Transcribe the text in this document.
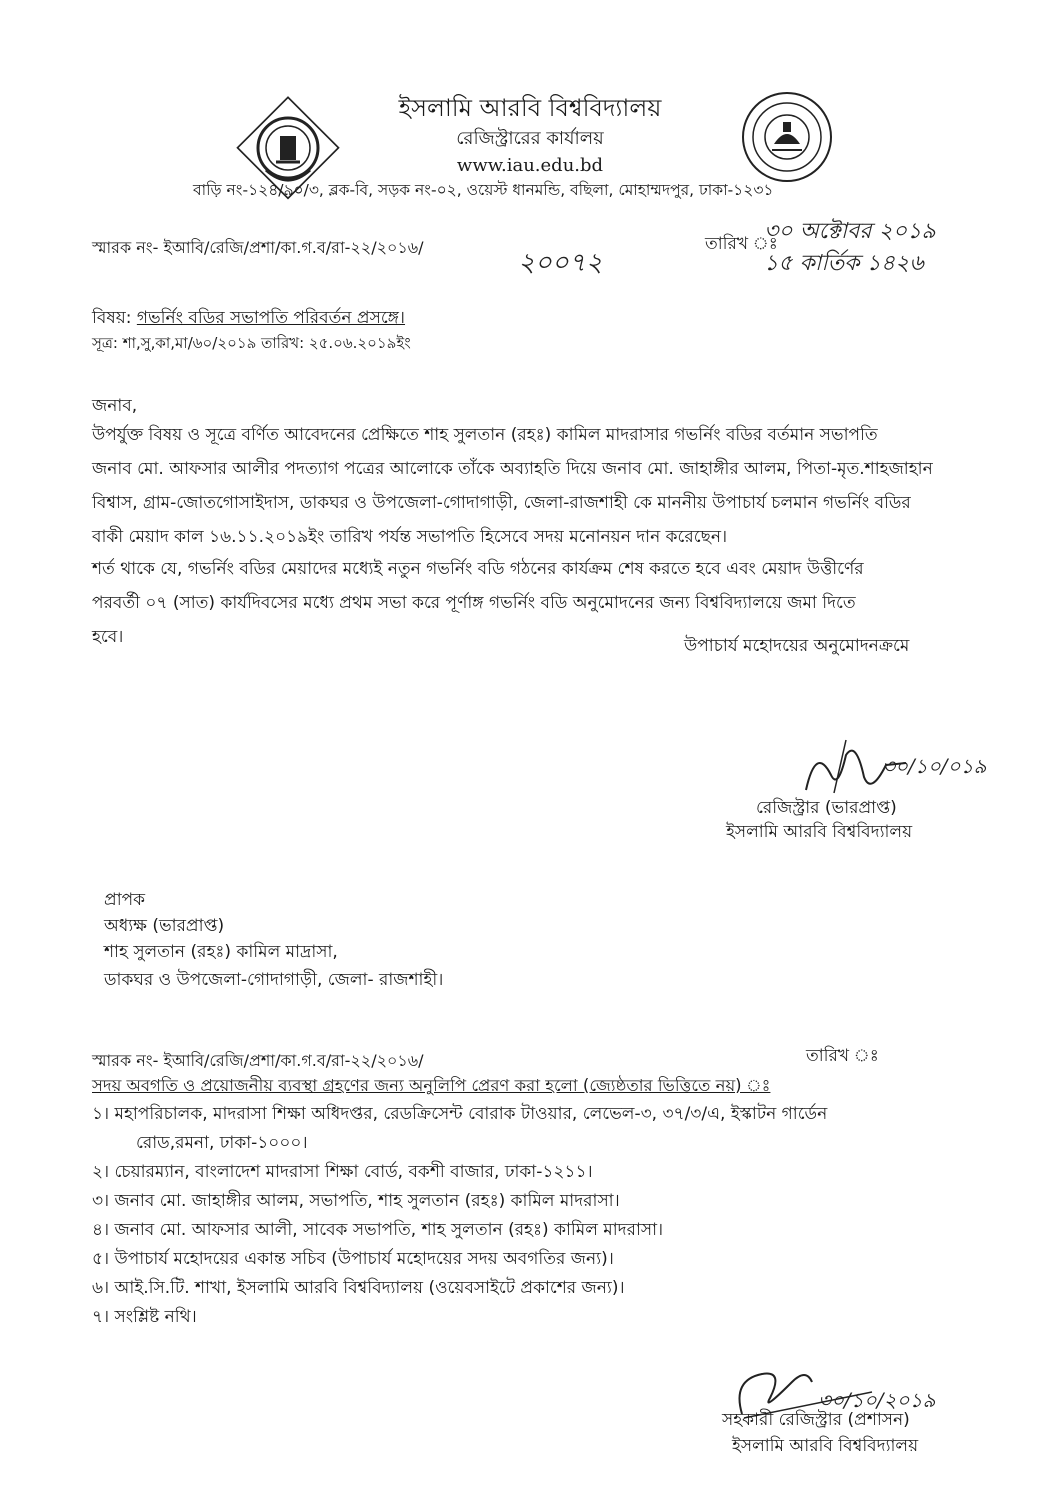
ইসলামি আরবি বিশ্ববিদ্যালয়
রেজিস্ট্রারের কার্যালয়
www.iau.edu.bd
বাড়ি নং-১২৪/৯০/৩, ব্লক-বি, সড়ক নং-০২, ওয়েস্ট ধানমন্ডি, বছিলা, মোহাম্মদপুর, ঢাকা-১২৩১
স্মারক নং- ইআবি/রেজি/প্রশা/কা.গ.ব/রা-২২/২০১৬/
২০০৭২
তারিখ ঃ
৩০ অক্টোবর ২০১৯
১৫ কার্তিক ১৪২৬
বিষয়: গভর্নিং বডির সভাপতি পরিবর্তন প্রসঙ্গে।
সূত্র: শা,সু,কা,মা/৬০/২০১৯ তারিখ: ২৫.০৬.২০১৯ইং
জনাব,
উপর্যুক্ত বিষয় ও সূত্রে বর্ণিত আবেদনের প্রেক্ষিতে শাহ সুলতান (রহঃ) কামিল মাদরাসার গভর্নিং বডির বর্তমান সভাপতি
জনাব মো. আফসার আলীর পদত্যাগ পত্রের আলোকে তাঁকে অব্যাহতি দিয়ে জনাব মো. জাহাঙ্গীর আলম, পিতা-মৃত.শাহজাহান
বিশ্বাস, গ্রাম-জোতগোসাইদাস, ডাকঘর ও উপজেলা-গোদাগাড়ী, জেলা-রাজশাহী কে মাননীয় উপাচার্য চলমান গভর্নিং বডির
বাকী মেয়াদ কাল ১৬.১১.২০১৯ইং তারিখ পর্যন্ত সভাপতি হিসেবে সদয় মনোনয়ন দান করেছেন।
শর্ত থাকে যে, গভর্নিং বডির মেয়াদের মধ্যেই নতুন গভর্নিং বডি গঠনের কার্যক্রম শেষ করতে হবে এবং মেয়াদ উত্তীর্ণের
পরবর্তী ০৭ (সাত) কার্যদিবসের মধ্যে প্রথম সভা করে পূর্ণাঙ্গ গভর্নিং বডি অনুমোদনের জন্য বিশ্ববিদ্যালয়ে জমা দিতে
হবে।	উপাচার্য মহোদয়ের অনুমোদনক্রমে
৩০/১০/০১৯
রেজিস্ট্রার (ভারপ্রাপ্ত)
ইসলামি আরবি বিশ্ববিদ্যালয়
প্রাপক
অধ্যক্ষ (ভারপ্রাপ্ত)
শাহ সুলতান (রহঃ) কামিল মাদ্রাসা,
ডাকঘর ও উপজেলা-গোদাগাড়ী, জেলা- রাজশাহী।
স্মারক নং- ইআবি/রেজি/প্রশা/কা.গ.ব/রা-২২/২০১৬/	তারিখ ঃ
সদয় অবগতি ও প্রয়োজনীয় ব্যবস্থা গ্রহণের জন্য অনুলিপি প্রেরণ করা হলো (জ্যেষ্ঠতার ভিত্তিতে নয়) ঃ
১। মহাপরিচালক, মাদরাসা শিক্ষা অধিদপ্তর, রেডক্রিসেন্ট বোরাক টাওয়ার, লেভেল-৩, ৩৭/৩/এ, ইস্কাটন গার্ডেন
রোড,রমনা, ঢাকা-১০০০।
২। চেয়ারম্যান, বাংলাদেশ মাদরাসা শিক্ষা বোর্ড, বকশী বাজার, ঢাকা-১২১১।
৩। জনাব মো. জাহাঙ্গীর আলম, সভাপতি, শাহ সুলতান (রহঃ) কামিল মাদরাসা।
৪। জনাব মো. আফসার আলী, সাবেক সভাপতি, শাহ সুলতান (রহঃ) কামিল মাদরাসা।
৫। উপাচার্য মহোদয়ের একান্ত সচিব (উপাচার্য মহোদয়ের সদয় অবগতির জন্য)।
৬। আই.সি.টি. শাখা, ইসলামি আরবি বিশ্ববিদ্যালয় (ওয়েবসাইটে প্রকাশের জন্য)।
৭। সংশ্লিষ্ট নথি।
৩০/১০/২০১৯
সহকারী রেজিস্ট্রার (প্রশাসন)
ইসলামি আরবি বিশ্ববিদ্যালয়
